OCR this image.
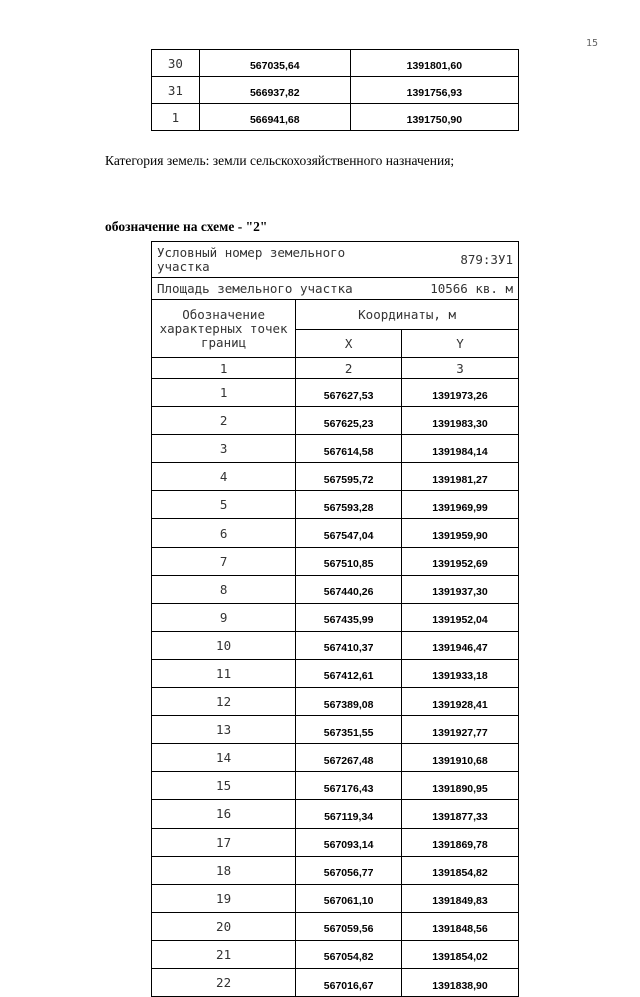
15
30	567035,64	1391801,60
31	566937,82	1391756,93
1	566941,68	1391750,90
Категория земель: земли сельскохозяйственного назначения;
обозначение на схеме - "2"
Условный номер земельного участка 879:ЗУ1		

Площадь земельного участка 10566 кв. м		

Обозначение характерных точек границ	Координаты, м	
	X	Y
1	2	3
1	567627,53	1391973,26
2	567625,23	1391983,30
3	567614,58	1391984,14
4	567595,72	1391981,27
5	567593,28	1391969,99
6	567547,04	1391959,90
7	567510,85	1391952,69
8	567440,26	1391937,30
9	567435,99	1391952,04
10	567410,37	1391946,47
11	567412,61	1391933,18
12	567389,08	1391928,41
13	567351,55	1391927,77
14	567267,48	1391910,68
15	567176,43	1391890,95
16	567119,34	1391877,33
17	567093,14	1391869,78
18	567056,77	1391854,82
19	567061,10	1391849,83
20	567059,56	1391848,56
21	567054,82	1391854,02
22	567016,67	1391838,90
